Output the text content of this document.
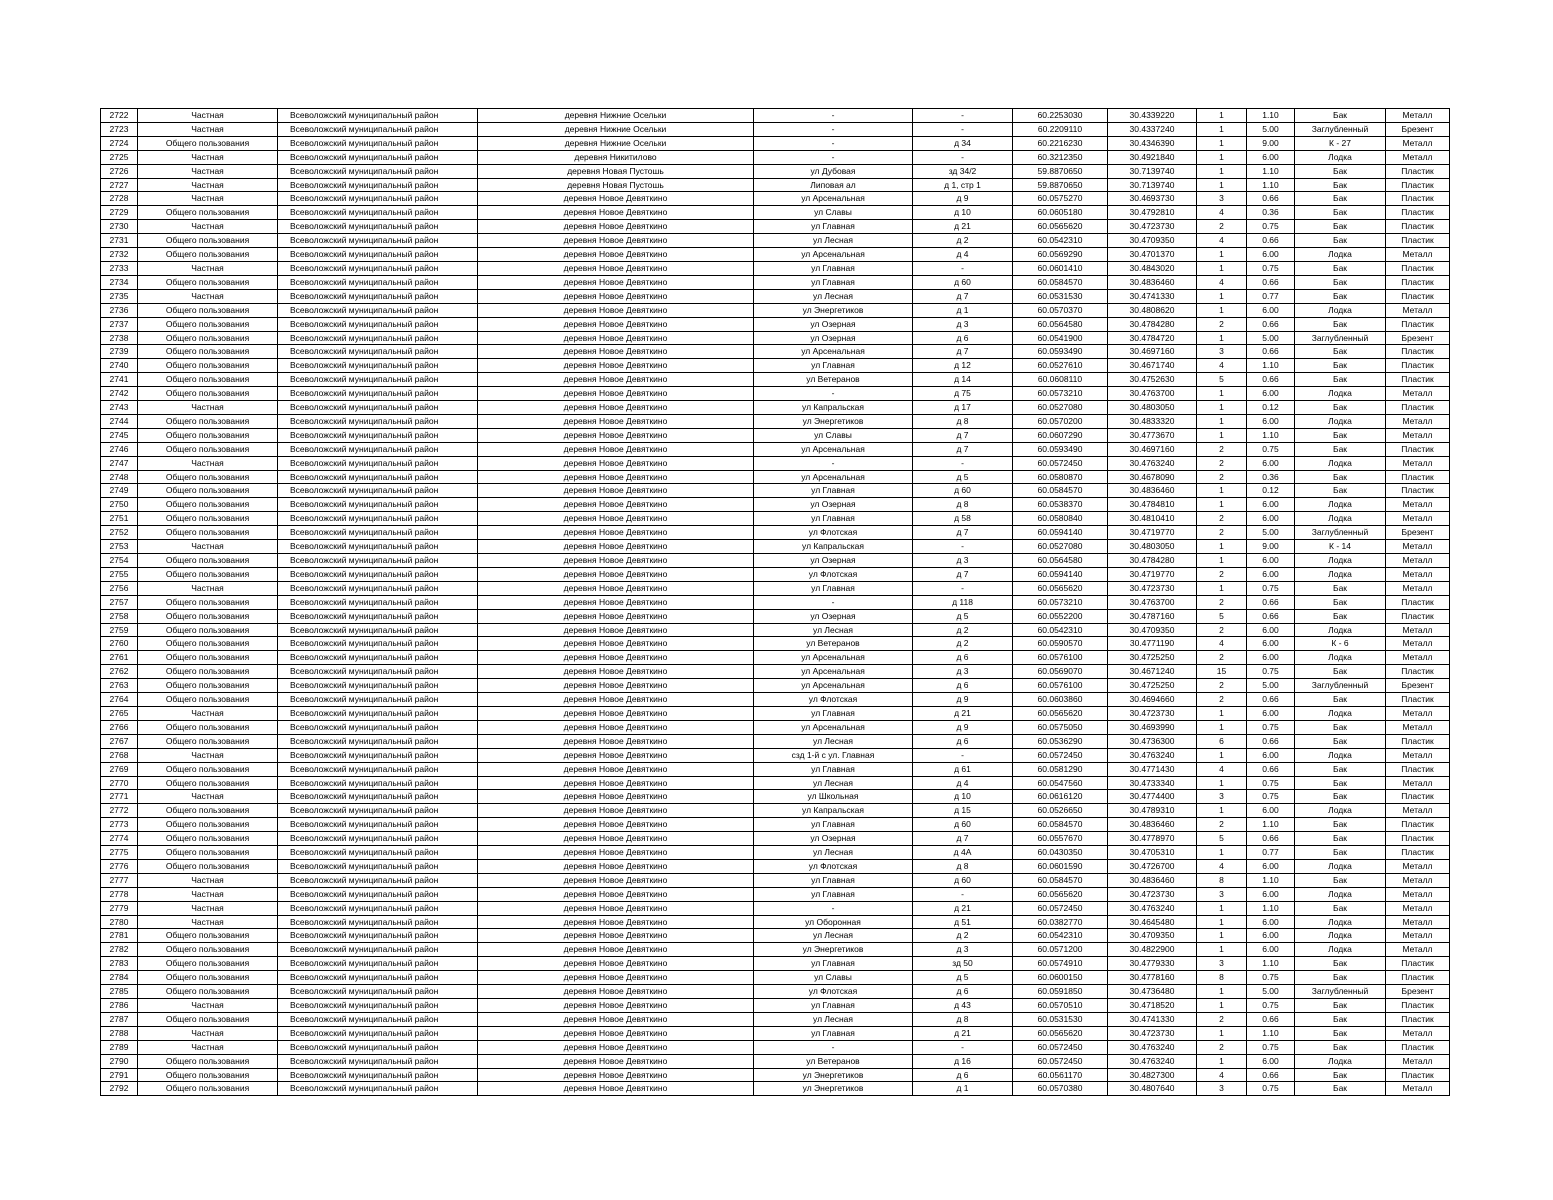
2722	Частная	Всеволожский муниципальный район	деревня Нижние Осельки	-	-	60.2253030	30.4339220	1	1.10	Бак	Металл
2723	Частная	Всеволожский муниципальный район	деревня Нижние Осельки	-	-	60.2209110	30.4337240	1	5.00	Заглубленный	Брезент
2724	Общего пользования	Всеволожский муниципальный район	деревня Нижние Осельки	-	д 34	60.2216230	30.4346390	1	9.00	К - 27	Металл
2725	Частная	Всеволожский муниципальный район	деревня Никитилово	-	-	60.3212350	30.4921840	1	6.00	Лодка	Металл
2726	Частная	Всеволожский муниципальный район	деревня Новая Пустошь	ул Дубовая	зд 34/2	59.8870650	30.7139740	1	1.10	Бак	Пластик
2727	Частная	Всеволожский муниципальный район	деревня Новая Пустошь	Липовая ал	д 1, стр 1	59.8870650	30.7139740	1	1.10	Бак	Пластик
2728	Частная	Всеволожский муниципальный район	деревня Новое Девяткино	ул Арсенальная	д 9	60.0575270	30.4693730	3	0.66	Бак	Пластик
2729	Общего пользования	Всеволожский муниципальный район	деревня Новое Девяткино	ул Славы	д 10	60.0605180	30.4792810	4	0.36	Бак	Пластик
2730	Частная	Всеволожский муниципальный район	деревня Новое Девяткино	ул Главная	д 21	60.0565620	30.4723730	2	0.75	Бак	Пластик
2731	Общего пользования	Всеволожский муниципальный район	деревня Новое Девяткино	ул Лесная	д 2	60.0542310	30.4709350	4	0.66	Бак	Пластик
2732	Общего пользования	Всеволожский муниципальный район	деревня Новое Девяткино	ул Арсенальная	д 4	60.0569290	30.4701370	1	6.00	Лодка	Металл
2733	Частная	Всеволожский муниципальный район	деревня Новое Девяткино	ул Главная	-	60.0601410	30.4843020	1	0.75	Бак	Пластик
2734	Общего пользования	Всеволожский муниципальный район	деревня Новое Девяткино	ул Главная	д 60	60.0584570	30.4836460	4	0.66	Бак	Пластик
2735	Частная	Всеволожский муниципальный район	деревня Новое Девяткино	ул Лесная	д 7	60.0531530	30.4741330	1	0.77	Бак	Пластик
2736	Общего пользования	Всеволожский муниципальный район	деревня Новое Девяткино	ул Энергетиков	д 1	60.0570370	30.4808620	1	6.00	Лодка	Металл
2737	Общего пользования	Всеволожский муниципальный район	деревня Новое Девяткино	ул Озерная	д 3	60.0564580	30.4784280	2	0.66	Бак	Пластик
2738	Общего пользования	Всеволожский муниципальный район	деревня Новое Девяткино	ул Озерная	д 6	60.0541900	30.4784720	1	5.00	Заглубленный	Брезент
2739	Общего пользования	Всеволожский муниципальный район	деревня Новое Девяткино	ул Арсенальная	д 7	60.0593490	30.4697160	3	0.66	Бак	Пластик
2740	Общего пользования	Всеволожский муниципальный район	деревня Новое Девяткино	ул Главная	д 12	60.0527610	30.4671740	4	1.10	Бак	Пластик
2741	Общего пользования	Всеволожский муниципальный район	деревня Новое Девяткино	ул Ветеранов	д 14	60.0608110	30.4752630	5	0.66	Бак	Пластик
2742	Общего пользования	Всеволожский муниципальный район	деревня Новое Девяткино	-	д 75	60.0573210	30.4763700	1	6.00	Лодка	Металл
2743	Частная	Всеволожский муниципальный район	деревня Новое Девяткино	ул Капральская	д 17	60.0527080	30.4803050	1	0.12	Бак	Пластик
2744	Общего пользования	Всеволожский муниципальный район	деревня Новое Девяткино	ул Энергетиков	д 8	60.0570200	30.4833320	1	6.00	Лодка	Металл
2745	Общего пользования	Всеволожский муниципальный район	деревня Новое Девяткино	ул Славы	д 7	60.0607290	30.4773670	1	1.10	Бак	Металл
2746	Общего пользования	Всеволожский муниципальный район	деревня Новое Девяткино	ул Арсенальная	д 7	60.0593490	30.4697160	2	0.75	Бак	Пластик
2747	Частная	Всеволожский муниципальный район	деревня Новое Девяткино	-	-	60.0572450	30.4763240	2	6.00	Лодка	Металл
2748	Общего пользования	Всеволожский муниципальный район	деревня Новое Девяткино	ул Арсенальная	д 5	60.0580870	30.4678090	2	0.36	Бак	Пластик
2749	Общего пользования	Всеволожский муниципальный район	деревня Новое Девяткино	ул Главная	д 60	60.0584570	30.4836460	1	0.12	Бак	Пластик
2750	Общего пользования	Всеволожский муниципальный район	деревня Новое Девяткино	ул Озерная	д 8	60.0538370	30.4784810	1	6.00	Лодка	Металл
2751	Общего пользования	Всеволожский муниципальный район	деревня Новое Девяткино	ул Главная	д 58	60.0580840	30.4810410	2	6.00	Лодка	Металл
2752	Общего пользования	Всеволожский муниципальный район	деревня Новое Девяткино	ул Флотская	д 7	60.0594140	30.4719770	2	5.00	Заглубленный	Брезент
2753	Частная	Всеволожский муниципальный район	деревня Новое Девяткино	ул Капральская	-	60.0527080	30.4803050	1	9.00	К - 14	Металл
2754	Общего пользования	Всеволожский муниципальный район	деревня Новое Девяткино	ул Озерная	д 3	60.0564580	30.4784280	1	6.00	Лодка	Металл
2755	Общего пользования	Всеволожский муниципальный район	деревня Новое Девяткино	ул Флотская	д 7	60.0594140	30.4719770	2	6.00	Лодка	Металл
2756	Частная	Всеволожский муниципальный район	деревня Новое Девяткино	ул Главная	-	60.0565620	30.4723730	1	0.75	Бак	Металл
2757	Общего пользования	Всеволожский муниципальный район	деревня Новое Девяткино	-	д 118	60.0573210	30.4763700	2	0.66	Бак	Пластик
2758	Общего пользования	Всеволожский муниципальный район	деревня Новое Девяткино	ул Озерная	д 5	60.0552200	30.4787160	5	0.66	Бак	Пластик
2759	Общего пользования	Всеволожский муниципальный район	деревня Новое Девяткино	ул Лесная	д 2	60.0542310	30.4709350	2	6.00	Лодка	Металл
2760	Общего пользования	Всеволожский муниципальный район	деревня Новое Девяткино	ул Ветеранов	д 2	60.0590570	30.4771190	4	6.00	К - 6	Металл
2761	Общего пользования	Всеволожский муниципальный район	деревня Новое Девяткино	ул Арсенальная	д 6	60.0576100	30.4725250	2	6.00	Лодка	Металл
2762	Общего пользования	Всеволожский муниципальный район	деревня Новое Девяткино	ул Арсенальная	д 3	60.0569070	30.4671240	15	0.75	Бак	Пластик
2763	Общего пользования	Всеволожский муниципальный район	деревня Новое Девяткино	ул Арсенальная	д 6	60.0576100	30.4725250	2	5.00	Заглубленный	Брезент
2764	Общего пользования	Всеволожский муниципальный район	деревня Новое Девяткино	ул Флотская	д 9	60.0603860	30.4694660	2	0.66	Бак	Пластик
2765	Частная	Всеволожский муниципальный район	деревня Новое Девяткино	ул Главная	д 21	60.0565620	30.4723730	1	6.00	Лодка	Металл
2766	Общего пользования	Всеволожский муниципальный район	деревня Новое Девяткино	ул Арсенальная	д 9	60.0575050	30.4693990	1	0.75	Бак	Металл
2767	Общего пользования	Всеволожский муниципальный район	деревня Новое Девяткино	ул Лесная	д 6	60.0536290	30.4736300	6	0.66	Бак	Пластик
2768	Частная	Всеволожский муниципальный район	деревня Новое Девяткино	сзд 1-й с ул. Главная	-	60.0572450	30.4763240	1	6.00	Лодка	Металл
2769	Общего пользования	Всеволожский муниципальный район	деревня Новое Девяткино	ул Главная	д 61	60.0581290	30.4771430	4	0.66	Бак	Пластик
2770	Общего пользования	Всеволожский муниципальный район	деревня Новое Девяткино	ул Лесная	д 4	60.0547560	30.4733340	1	0.75	Бак	Металл
2771	Частная	Всеволожский муниципальный район	деревня Новое Девяткино	ул Школьная	д 10	60.0616120	30.4774400	3	0.75	Бак	Пластик
2772	Общего пользования	Всеволожский муниципальный район	деревня Новое Девяткино	ул Капральская	д 15	60.0526650	30.4789310	1	6.00	Лодка	Металл
2773	Общего пользования	Всеволожский муниципальный район	деревня Новое Девяткино	ул Главная	д 60	60.0584570	30.4836460	2	1.10	Бак	Пластик
2774	Общего пользования	Всеволожский муниципальный район	деревня Новое Девяткино	ул Озерная	д 7	60.0557670	30.4778970	5	0.66	Бак	Пластик
2775	Общего пользования	Всеволожский муниципальный район	деревня Новое Девяткино	ул Лесная	д 4А	60.0430350	30.4705310	1	0.77	Бак	Пластик
2776	Общего пользования	Всеволожский муниципальный район	деревня Новое Девяткино	ул Флотская	д 8	60.0601590	30.4726700	4	6.00	Лодка	Металл
2777	Частная	Всеволожский муниципальный район	деревня Новое Девяткино	ул Главная	д 60	60.0584570	30.4836460	8	1.10	Бак	Металл
2778	Частная	Всеволожский муниципальный район	деревня Новое Девяткино	ул Главная	-	60.0565620	30.4723730	3	6.00	Лодка	Металл
2779	Частная	Всеволожский муниципальный район	деревня Новое Девяткино	-	д 21	60.0572450	30.4763240	1	1.10	Бак	Металл
2780	Частная	Всеволожский муниципальный район	деревня Новое Девяткино	ул Оборонная	д 51	60.0382770	30.4645480	1	6.00	Лодка	Металл
2781	Общего пользования	Всеволожский муниципальный район	деревня Новое Девяткино	ул Лесная	д 2	60.0542310	30.4709350	1	6.00	Лодка	Металл
2782	Общего пользования	Всеволожский муниципальный район	деревня Новое Девяткино	ул Энергетиков	д 3	60.0571200	30.4822900	1	6.00	Лодка	Металл
2783	Общего пользования	Всеволожский муниципальный район	деревня Новое Девяткино	ул Главная	зд 50	60.0574910	30.4779330	3	1.10	Бак	Пластик
2784	Общего пользования	Всеволожский муниципальный район	деревня Новое Девяткино	ул Славы	д 5	60.0600150	30.4778160	8	0.75	Бак	Пластик
2785	Общего пользования	Всеволожский муниципальный район	деревня Новое Девяткино	ул Флотская	д 6	60.0591850	30.4736480	1	5.00	Заглубленный	Брезент
2786	Частная	Всеволожский муниципальный район	деревня Новое Девяткино	ул Главная	д 43	60.0570510	30.4718520	1	0.75	Бак	Пластик
2787	Общего пользования	Всеволожский муниципальный район	деревня Новое Девяткино	ул Лесная	д 8	60.0531530	30.4741330	2	0.66	Бак	Пластик
2788	Частная	Всеволожский муниципальный район	деревня Новое Девяткино	ул Главная	д 21	60.0565620	30.4723730	1	1.10	Бак	Металл
2789	Частная	Всеволожский муниципальный район	деревня Новое Девяткино	-	-	60.0572450	30.4763240	2	0.75	Бак	Пластик
2790	Общего пользования	Всеволожский муниципальный район	деревня Новое Девяткино	ул Ветеранов	д 16	60.0572450	30.4763240	1	6.00	Лодка	Металл
2791	Общего пользования	Всеволожский муниципальный район	деревня Новое Девяткино	ул Энергетиков	д 6	60.0561170	30.4827300	4	0.66	Бак	Пластик
2792	Общего пользования	Всеволожский муниципальный район	деревня Новое Девяткино	ул Энергетиков	д 1	60.0570380	30.4807640	3	0.75	Бак	Металл
